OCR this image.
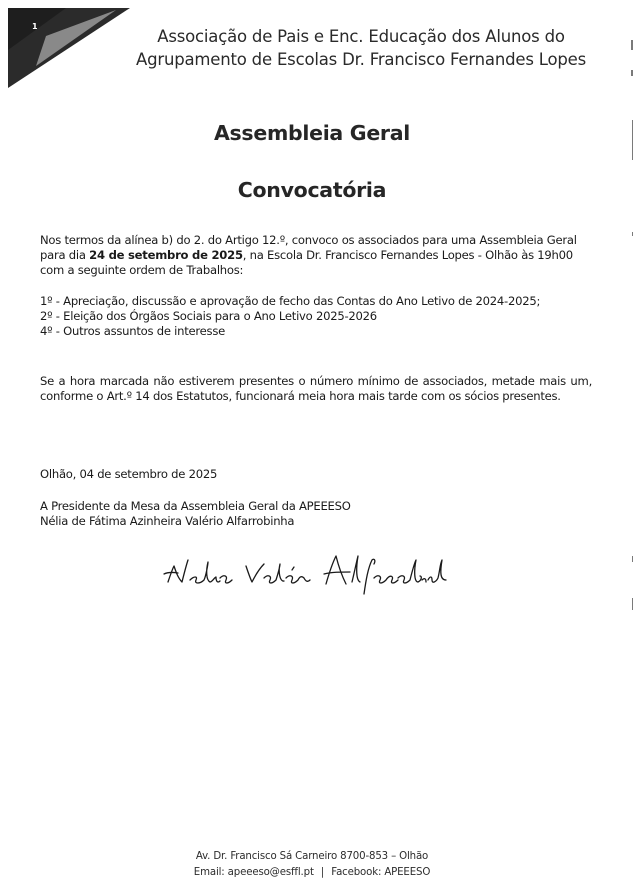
1
Associação de Pais e Enc. Educação dos Alunos do
Agrupamento de Escolas Dr. Francisco Fernandes Lopes
Assembleia Geral
Convocatória
Nos termos da alínea b) do 2. do Artigo 12.º, convoco os associados para uma Assembleia Geral para dia 24 de setembro de 2025, na Escola Dr. Francisco Fernandes Lopes - Olhão às 19h00 com a seguinte ordem de Trabalhos:
1º - Apreciação, discussão e aprovação de fecho das Contas do Ano Letivo de 2024-2025;
2º - Eleição dos Órgãos Sociais para o Ano Letivo 2025-2026
4º - Outros assuntos de interesse
Se a hora marcada não estiverem presentes o número mínimo de associados, metade mais um, conforme o Art.º 14 dos Estatutos, funcionará meia hora mais tarde com os sócios presentes.
Olhão, 04 de setembro de 2025
A Presidente da Mesa da Assembleia Geral da APEEESO
Nélia de Fátima Azinheira Valério Alfarrobinha
Av. Dr. Francisco Sá Carneiro 8700-853 – Olhão
Email: apeeeso@esffl.pt | Facebook: APEEESO
